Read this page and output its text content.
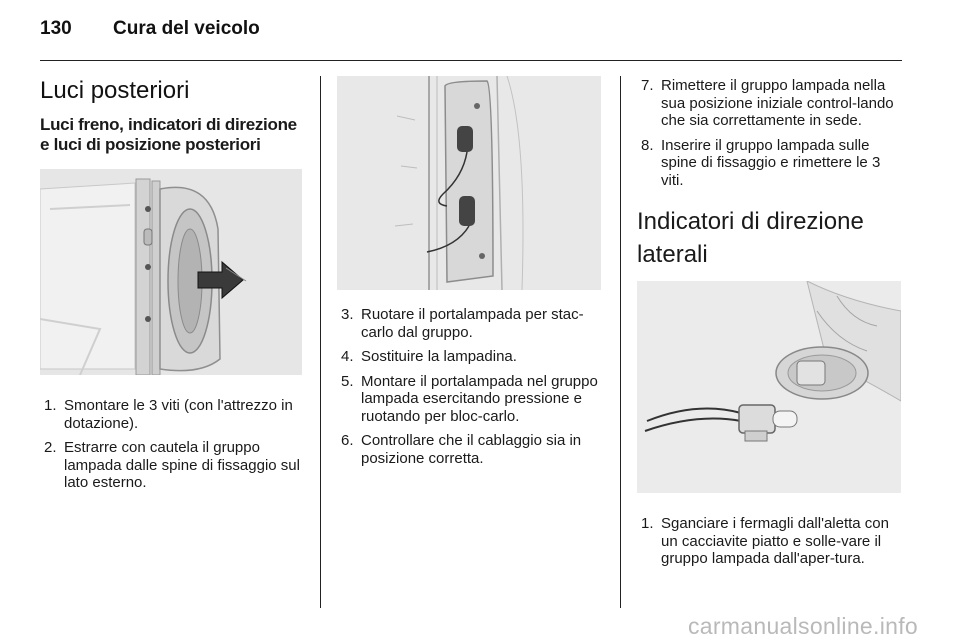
130	Cura del veicolo
Luci posteriori
Luci freno, indicatori di direzione e luci di posizione posteriori
1. Smontare le 3 viti (con l'attrezzo in dotazione).
2. Estrarre con cautela il gruppo lampada dalle spine di fissaggio sul lato esterno.
3. Ruotare il portalampada per stac-carlo dal gruppo.
4. Sostituire la lampadina.
5. Montare il portalampada nel gruppo lampada esercitando pressione e ruotando per bloc-carlo.
6. Controllare che il cablaggio sia in posizione corretta.
7. Rimettere il gruppo lampada nella sua posizione iniziale control-lando che sia correttamente in sede.
8. Inserire il gruppo lampada sulle spine di fissaggio e rimettere le 3 viti.
Indicatori di direzione laterali
1. Sganciare i fermagli dall'aletta con un cacciavite piatto e solle-vare il gruppo lampada dall'aper-tura.
carmanualsonline.info
